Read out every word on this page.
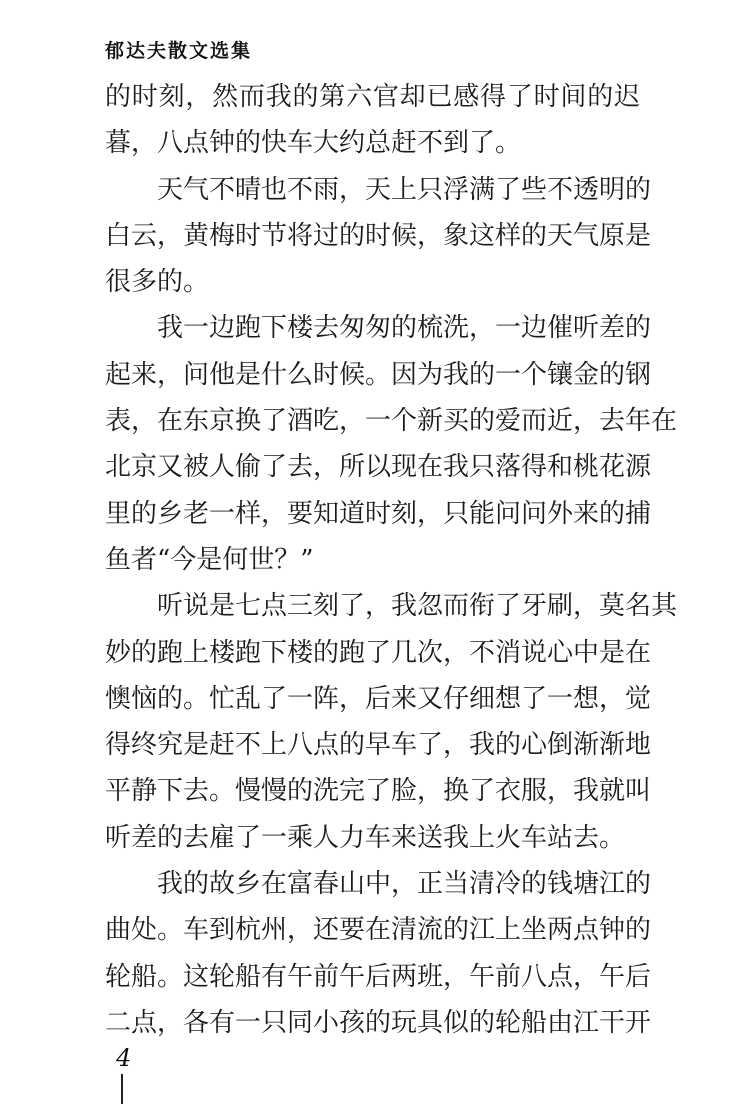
郁达夫散文选集
的时刻，然而我的第六官却已感得了时间的迟
暮，八点钟的快车大约总赶不到了。
天气不晴也不雨，天上只浮满了些不透明的
白云，黄梅时节将过的时候，象这样的天气原是
很多的。
我一边跑下楼去匆匆的梳洗，一边催听差的
起来，问他是什么时候。因为我的一个镶金的钢
表，在东京换了酒吃，一个新买的爱而近，去年在
北京又被人偷了去，所以现在我只落得和桃花源
里的乡老一样，要知道时刻，只能问问外来的捕
鱼者“今是何世？”
听说是七点三刻了，我忽而衔了牙刷，莫名其
妙的跑上楼跑下楼的跑了几次，不消说心中是在
懊恼的。忙乱了一阵，后来又仔细想了一想，觉
得终究是赶不上八点的早车了，我的心倒渐渐地
平静下去。慢慢的洗完了脸，换了衣服，我就叫
听差的去雇了一乘人力车来送我上火车站去。
我的故乡在富春山中，正当清冷的钱塘江的
曲处。车到杭州，还要在清流的江上坐两点钟的
轮船。这轮船有午前午后两班，午前八点，午后
二点，各有一只同小孩的玩具似的轮船由江干开
4
